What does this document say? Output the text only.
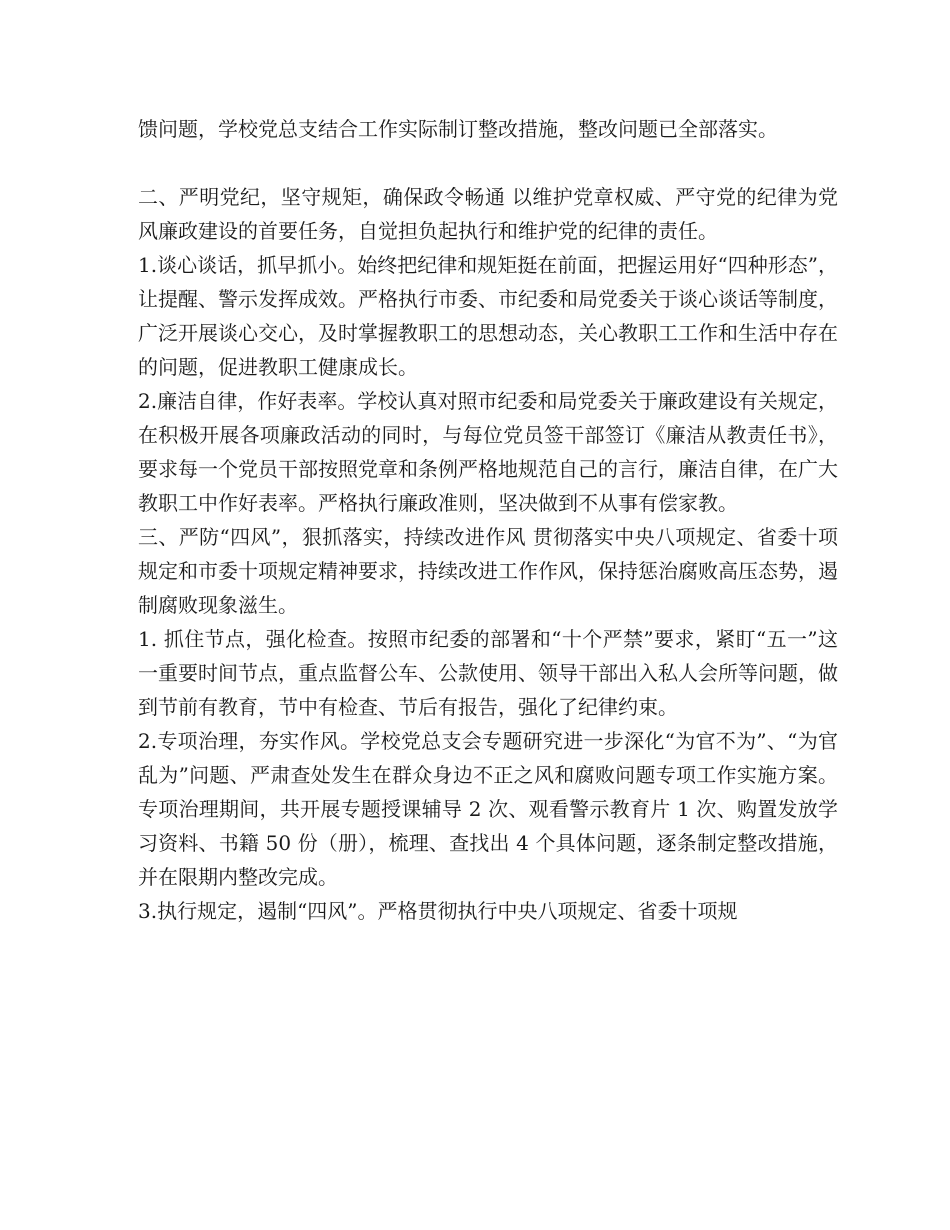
馈问题，学校党总支结合工作实际制订整改措施，整改问题已全部落实。

二、严明党纪，坚守规矩，确保政令畅通 以维护党章权威、严守党的纪律为党风廉政建设的首要任务，自觉担负起执行和维护党的纪律的责任。

1.谈心谈话，抓早抓小。始终把纪律和规矩挺在前面，把握运用好“四种形态”，让提醒、警示发挥成效。严格执行市委、市纪委和局党委关于谈心谈话等制度，广泛开展谈心交心，及时掌握教职工的思想动态，关心教职工工作和生活中存在的问题，促进教职工健康成长。

2.廉洁自律，作好表率。学校认真对照市纪委和局党委关于廉政建设有关规定，在积极开展各项廉政活动的同时，与每位党员签干部签订《廉洁从教责任书》，要求每一个党员干部按照党章和条例严格地规范自己的言行，廉洁自律，在广大教职工中作好表率。严格执行廉政准则，坚决做到不从事有偿家教。

三、严防“四风”，狠抓落实，持续改进作风 贯彻落实中央八项规定、省委十项规定和市委十项规定精神要求，持续改进工作作风，保持惩治腐败高压态势，遏制腐败现象滋生。

1. 抓住节点，强化检查。按照市纪委的部署和“十个严禁”要求，紧盯“五一”这一重要时间节点，重点监督公车、公款使用、领导干部出入私人会所等问题，做到节前有教育，节中有检查、节后有报告，强化了纪律约束。

2.专项治理，夯实作风。学校党总支会专题研究进一步深化“为官不为”、“为官乱为”问题、严肃查处发生在群众身边不正之风和腐败问题专项工作实施方案。专项治理期间，共开展专题授课辅导 2 次、观看警示教育片 1 次、购置发放学习资料、书籍 50 份（册），梳理、查找出 4 个具体问题，逐条制定整改措施，并在限期内整改完成。

3.执行规定，遏制“四风”。严格贯彻执行中央八项规定、省委十项规
